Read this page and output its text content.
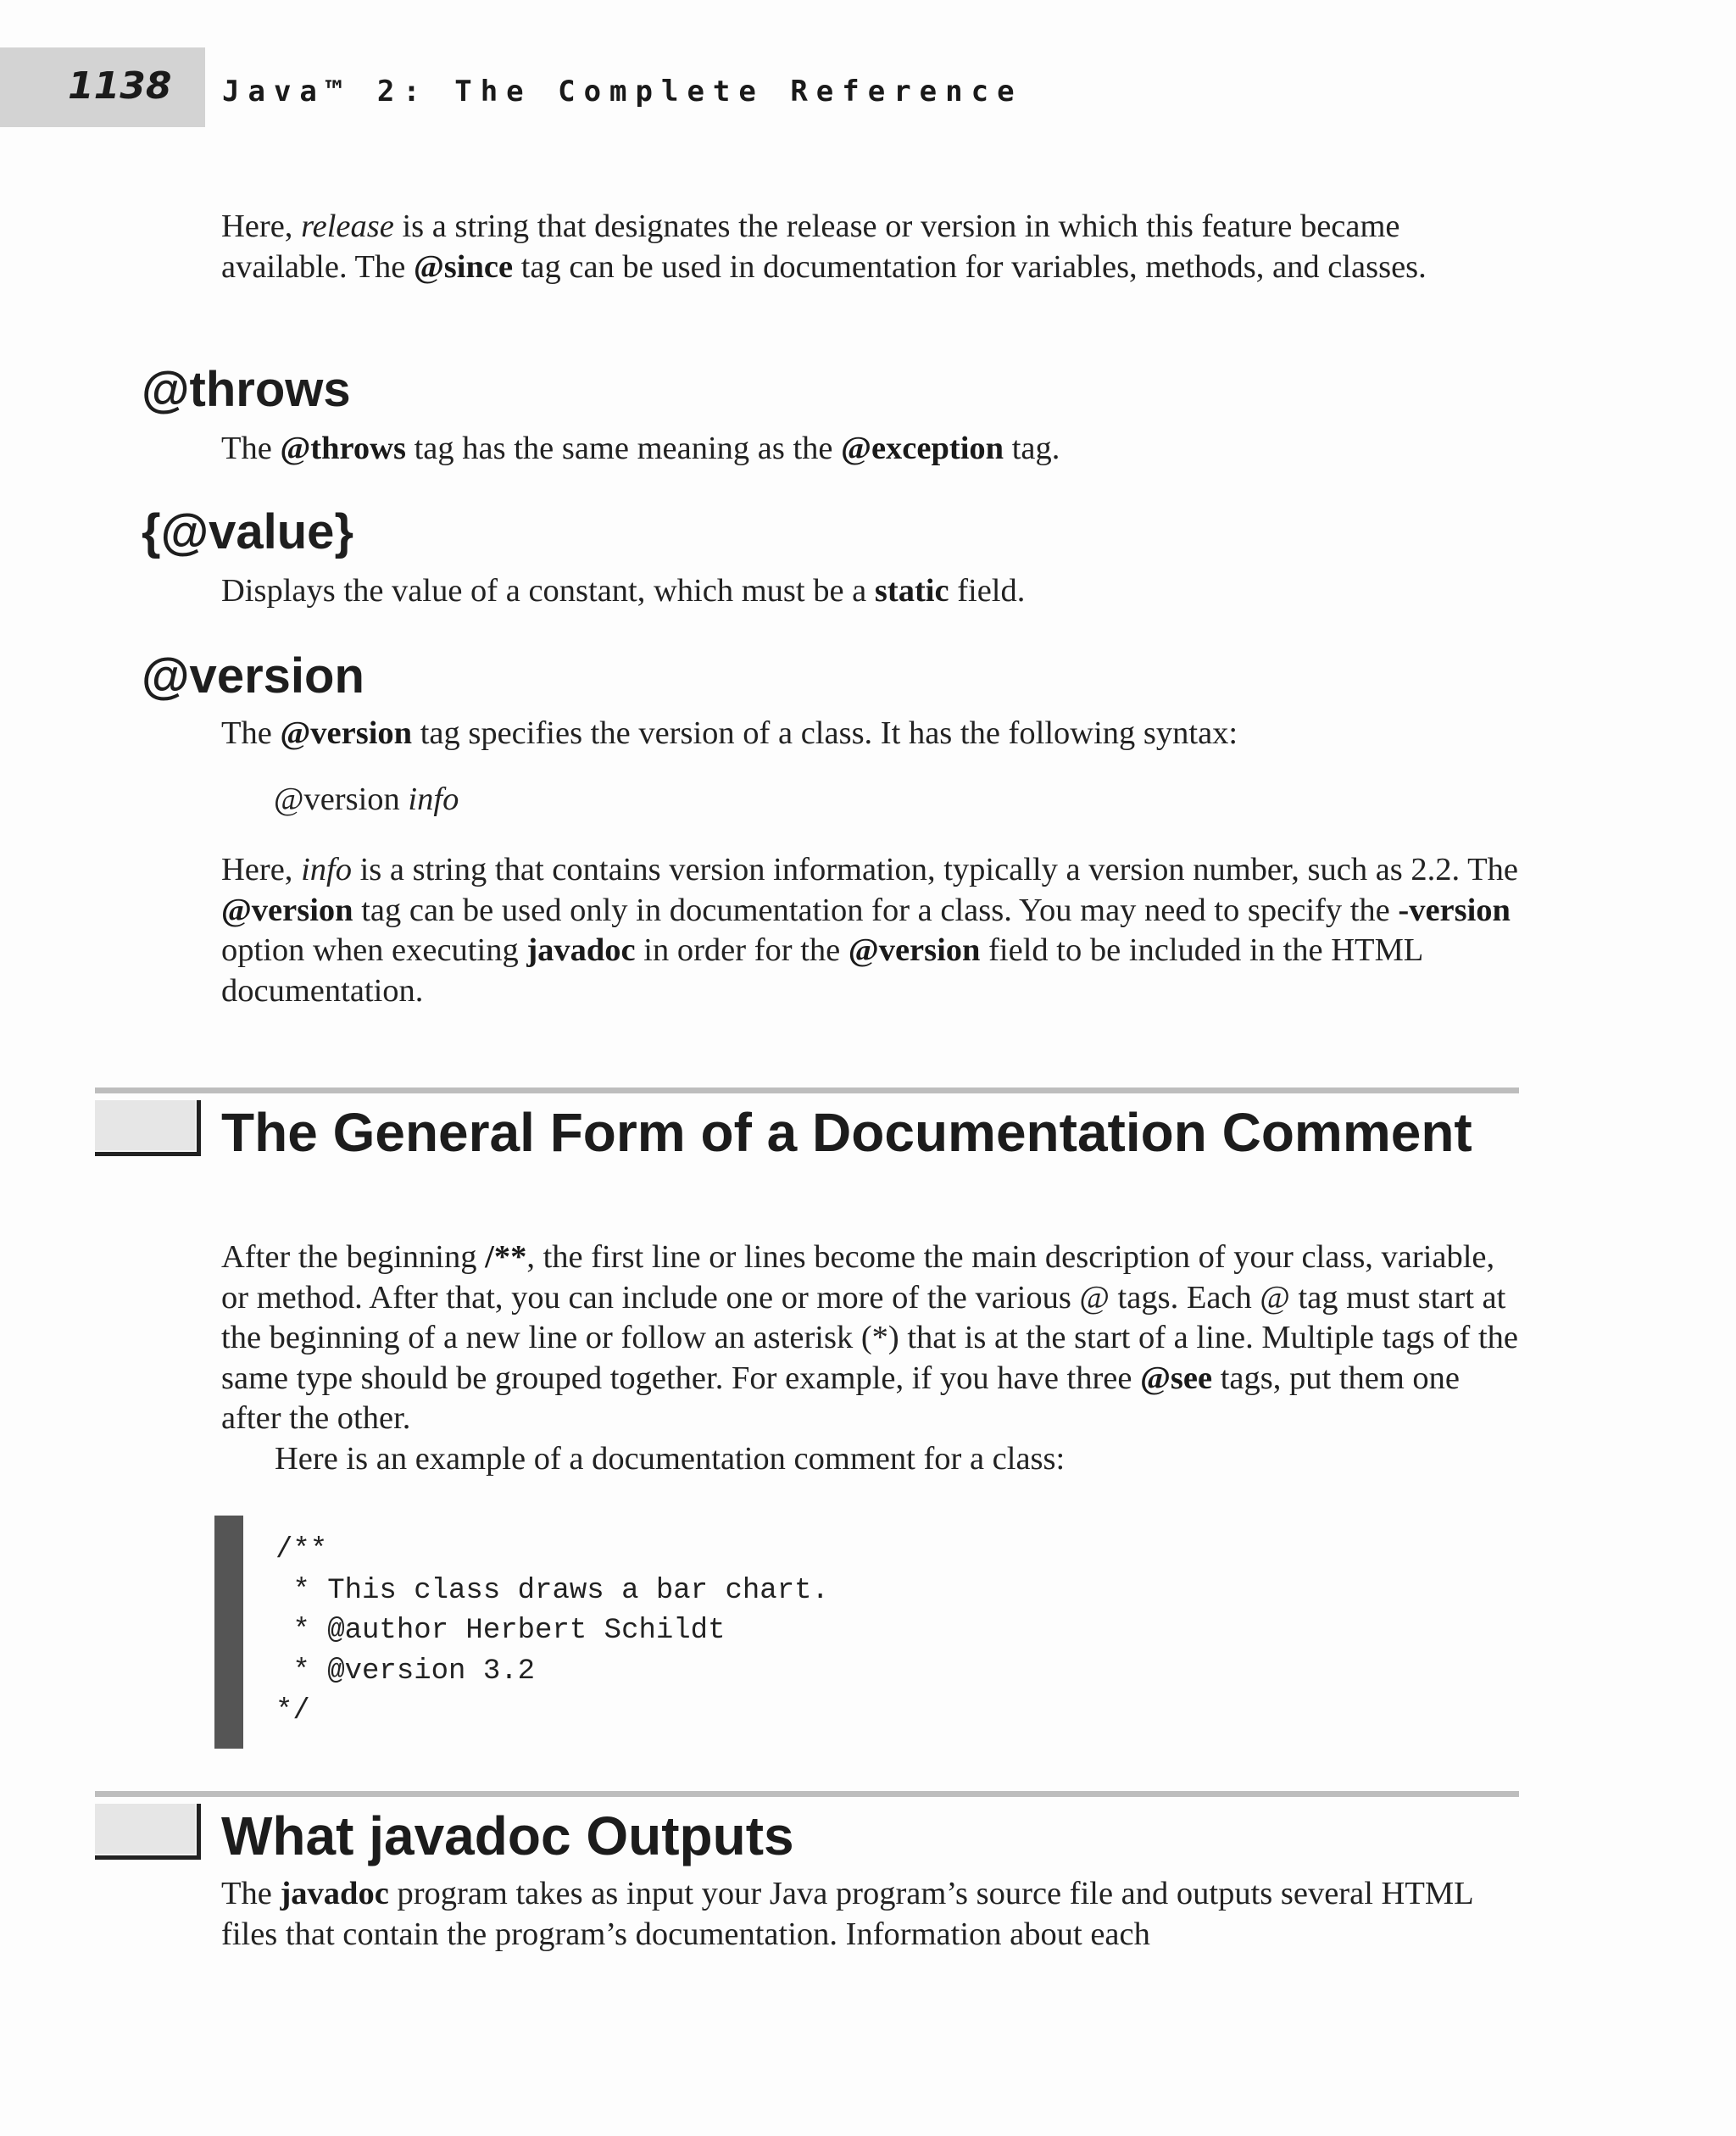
1138	Java™ 2: The Complete Reference
Here, release is a string that designates the release or version in which this feature became available. The @since tag can be used in documentation for variables, methods, and classes.
@throws
The @throws tag has the same meaning as the @exception tag.
{@value}
Displays the value of a constant, which must be a static field.
@version
The @version tag specifies the version of a class. It has the following syntax:
@version info
Here, info is a string that contains version information, typically a version number, such as 2.2. The @version tag can be used only in documentation for a class. You may need to specify the -version option when executing javadoc in order for the @version field to be included in the HTML documentation.
The General Form of a Documentation Comment
After the beginning /**, the first line or lines become the main description of your class, variable, or method. After that, you can include one or more of the various @ tags. Each @ tag must start at the beginning of a new line or follow an asterisk (*) that is at the start of a line. Multiple tags of the same type should be grouped together. For example, if you have three @see tags, put them one after the other.
Here is an example of a documentation comment for a class:
/**
* This class draws a bar chart.
* @author Herbert Schildt
* @version 3.2
*/
What javadoc Outputs
The javadoc program takes as input your Java program’s source file and outputs several HTML files that contain the program’s documentation. Information about each
